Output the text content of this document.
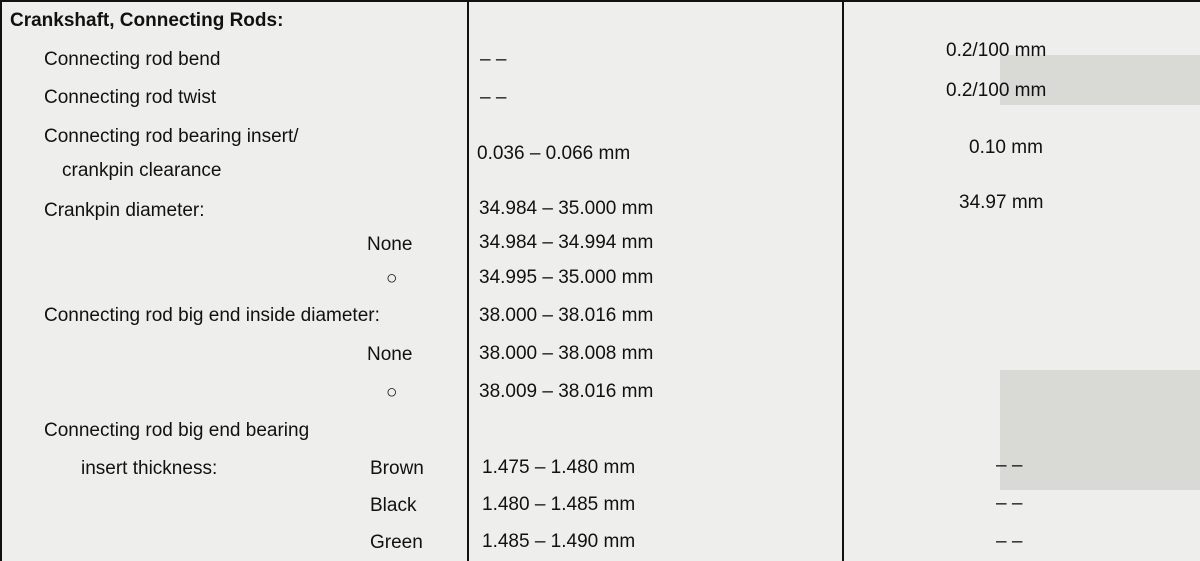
Crankshaft, Connecting Rods:
Connecting rod bend	– –	0.2/100 mm
Connecting rod twist	– –	0.2/100 mm
Connecting rod bearing insert/
crankpin clearance
0.036 – 0.066 mm	0.10 mm
Crankpin diameter:	34.984 – 35.000 mm	34.97 mm
None	34.984 – 34.994 mm
○	34.995 – 35.000 mm
Connecting rod big end inside diameter:	38.000 – 38.016 mm
None	38.000 – 38.008 mm
○	38.009 – 38.016 mm
Connecting rod big end bearing
insert thickness:	Brown	1.475 – 1.480 mm	– –
Black	1.480 – 1.485 mm	– –
Green	1.485 – 1.490 mm	– –
